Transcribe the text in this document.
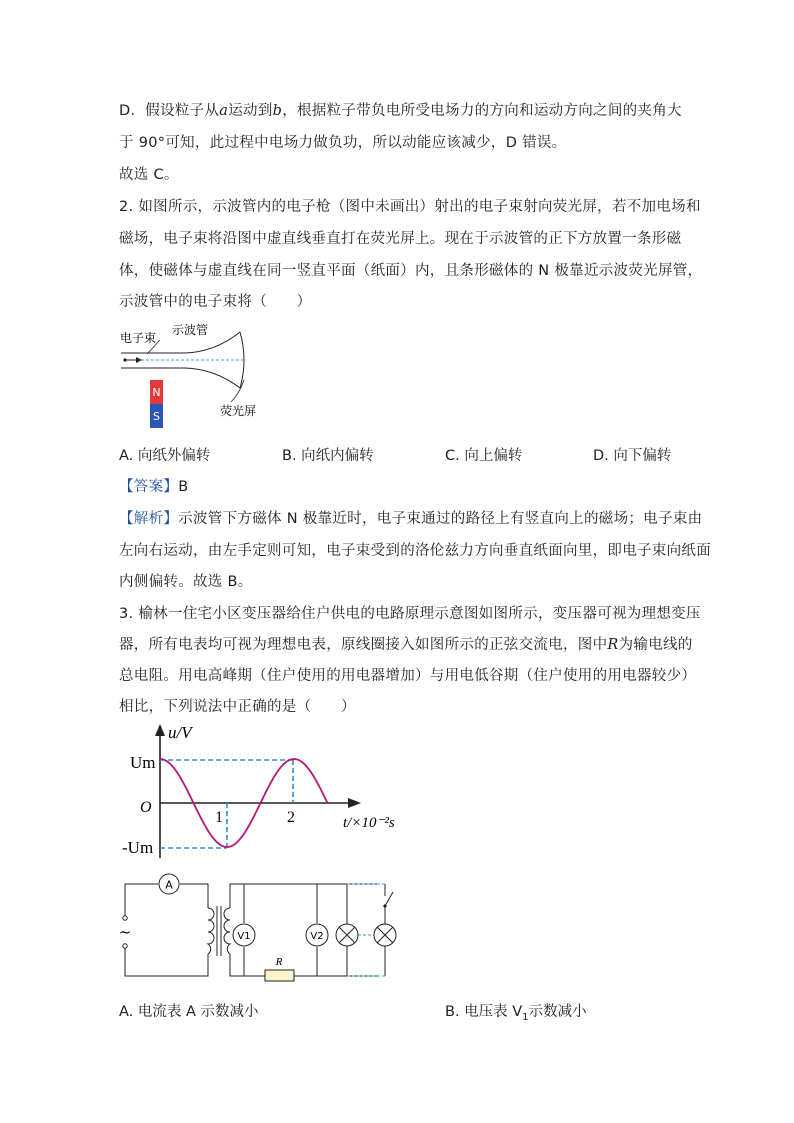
D．假设粒子从a运动到b，根据粒子带负电所受电场力的方向和运动方向之间的夹角大
于 90°可知，此过程中电场力做负功，所以动能应该减少，D 错误。
故选 C。
2. 如图所示，示波管内的电子枪（图中未画出）射出的电子束射向荧光屏，若不加电场和
磁场，电子束将沿图中虚直线垂直打在荧光屏上。现在于示波管的正下方放置一条形磁
体，使磁体与虚直线在同一竖直平面（纸面）内，且条形磁体的 N 极靠近示波荧光屏管，
示波管中的电子束将（　　）
电子束
示波管
荧光屏
N
S
A. 向纸外偏转	B. 向纸内偏转	C. 向上偏转	D. 向下偏转
【答案】B
【解析】示波管下方磁体 N 极靠近时，电子束通过的路径上有竖直向上的磁场；电子束由
左向右运动，由左手定则可知，电子束受到的洛伦兹力方向垂直纸面向里，即电子束向纸面
内侧偏转。故选 B。
3. 榆林一住宅小区变压器给住户供电的电路原理示意图如图所示，变压器可视为理想变压
器，所有电表均可视为理想电表，原线圈接入如图所示的正弦交流电，图中R为输电线的
总电阻。用电高峰期（住户使用的用电器增加）与用电低谷期（住户使用的用电器较少）
相比，下列说法中正确的是（　　）
u/V
Um
O
-Um
1	2	t/×10⁻²s
~
A
V1	V2
R
A. 电流表 A 示数减小	B. 电压表 $V_1$示数减小
